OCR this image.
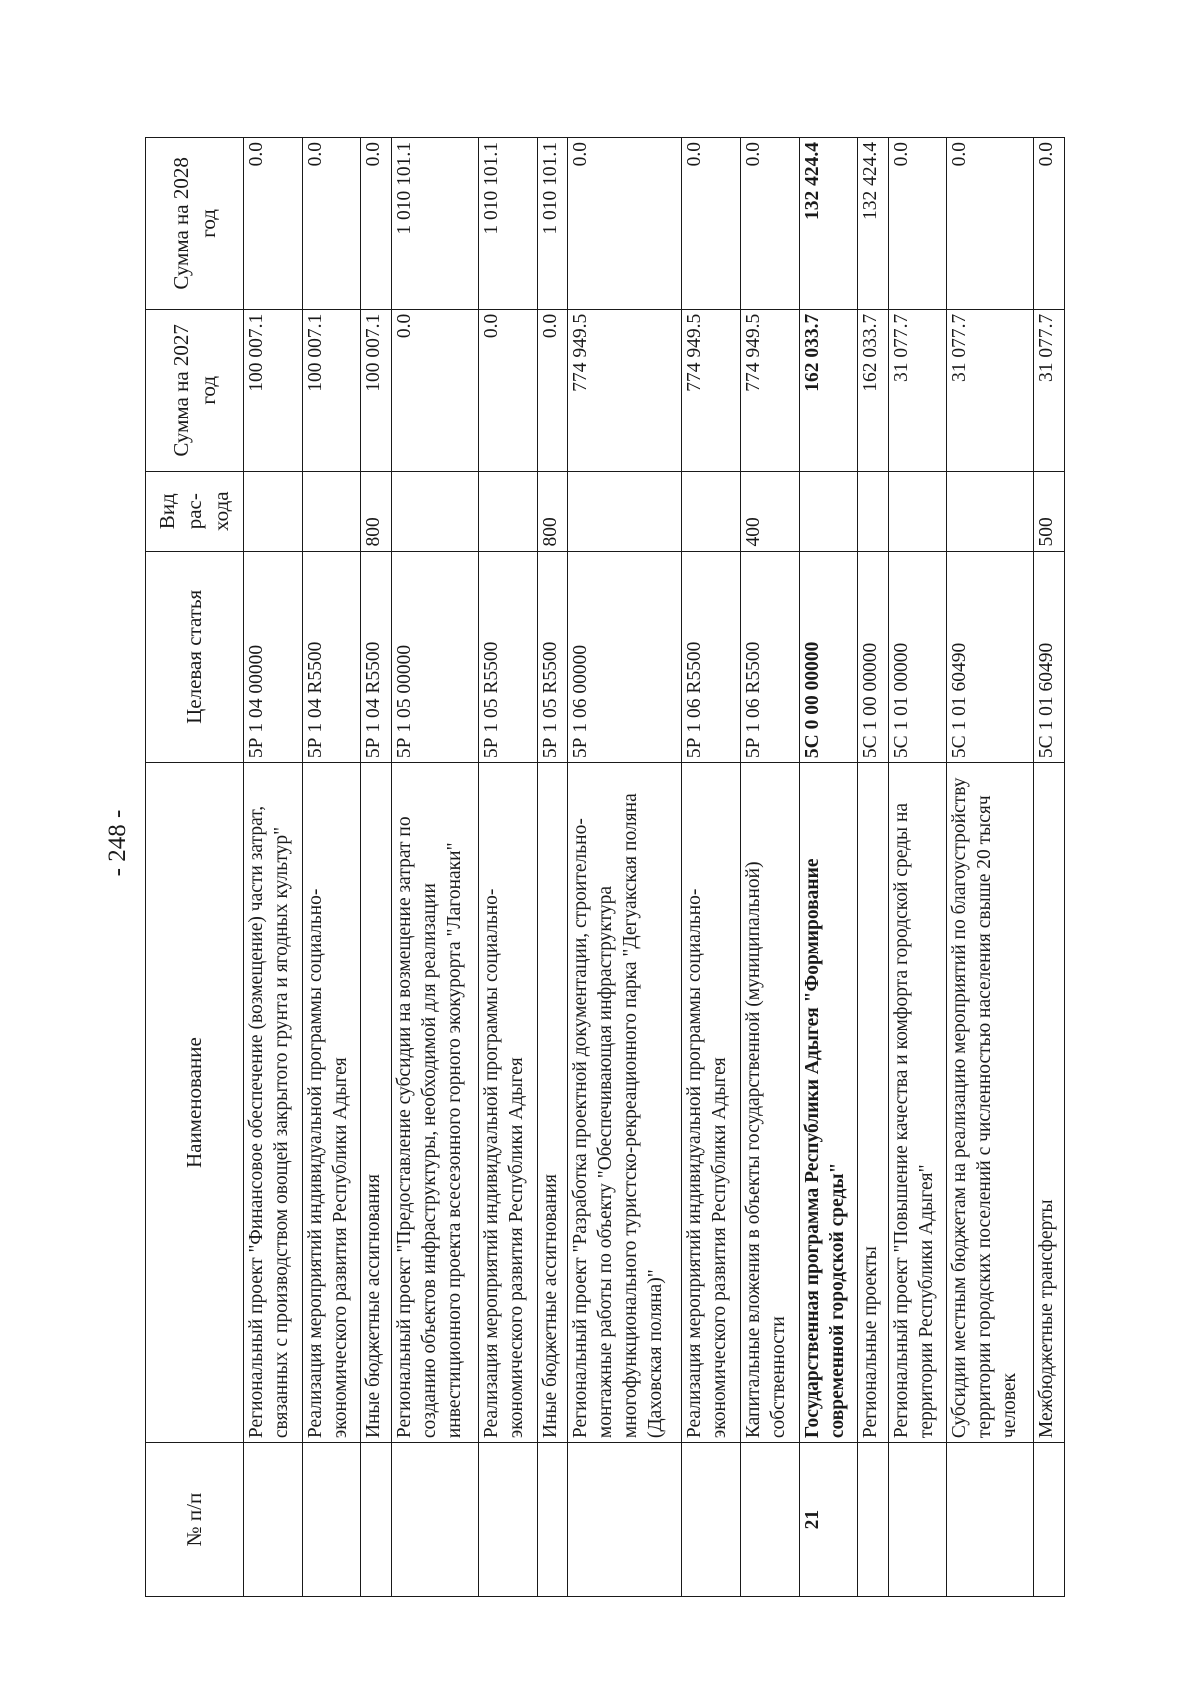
- 248 -
№ п/п	Наименование	Целевая статья	Вид рас- хода	Сумма на 2027 год	Сумма на 2028 год
	Региональный проект "Финансовое обеспечение (возмещение) части затрат, связанных с производством овощей закрытого грунта и ягодных культур"	5Р 1 04 00000		100 007.1	0.0
	Реализация мероприятий индивидуальной программы социально-экономического развития Республики Адыгея	5Р 1 04 R5500		100 007.1	0.0
	Иные бюджетные ассигнования	5Р 1 04 R5500	800	100 007.1	0.0
	Региональный проект "Предоставление субсидии на возмещение затрат по созданию объектов инфраструктуры, необходимой для реализации инвестиционного проекта всесезонного горного экокурорта "Лагонаки"	5Р 1 05 00000		0.0	1 010 101.1
	Реализация мероприятий индивидуальной программы социально-экономического развития Республики Адыгея	5Р 1 05 R5500		0.0	1 010 101.1
	Иные бюджетные ассигнования	5Р 1 05 R5500	800	0.0	1 010 101.1
	Региональный проект "Разработка проектной документации, строительно-монтажные работы по объекту "Обеспечивающая инфраструктура многофункционального туристско-рекреационного парка "Дегуакская поляна (Даховская поляна)"	5Р 1 06 00000		774 949.5	0.0
	Реализация мероприятий индивидуальной программы социально-экономического развития Республики Адыгея	5Р 1 06 R5500		774 949.5	0.0
	Капитальные вложения в объекты государственной (муниципальной) собственности	5Р 1 06 R5500	400	774 949.5	0.0
21	Государственная программа Республики Адыгея "Формирование современной городской среды"	5С 0 00 00000		162 033.7	132 424.4
	Региональные проекты	5С 1 00 00000		162 033.7	132 424.4
	Региональный проект "Повышение качества и комфорта городской среды на территории Республики Адыгея"	5С 1 01 00000		31 077.7	0.0
	Субсидии местным бюджетам на реализацию мероприятий по благоустройству территории городских поселений с численностью населения свыше 20 тысяч человек	5С 1 01 60490		31 077.7	0.0
	Межбюджетные трансферты	5С 1 01 60490	500	31 077.7	0.0
